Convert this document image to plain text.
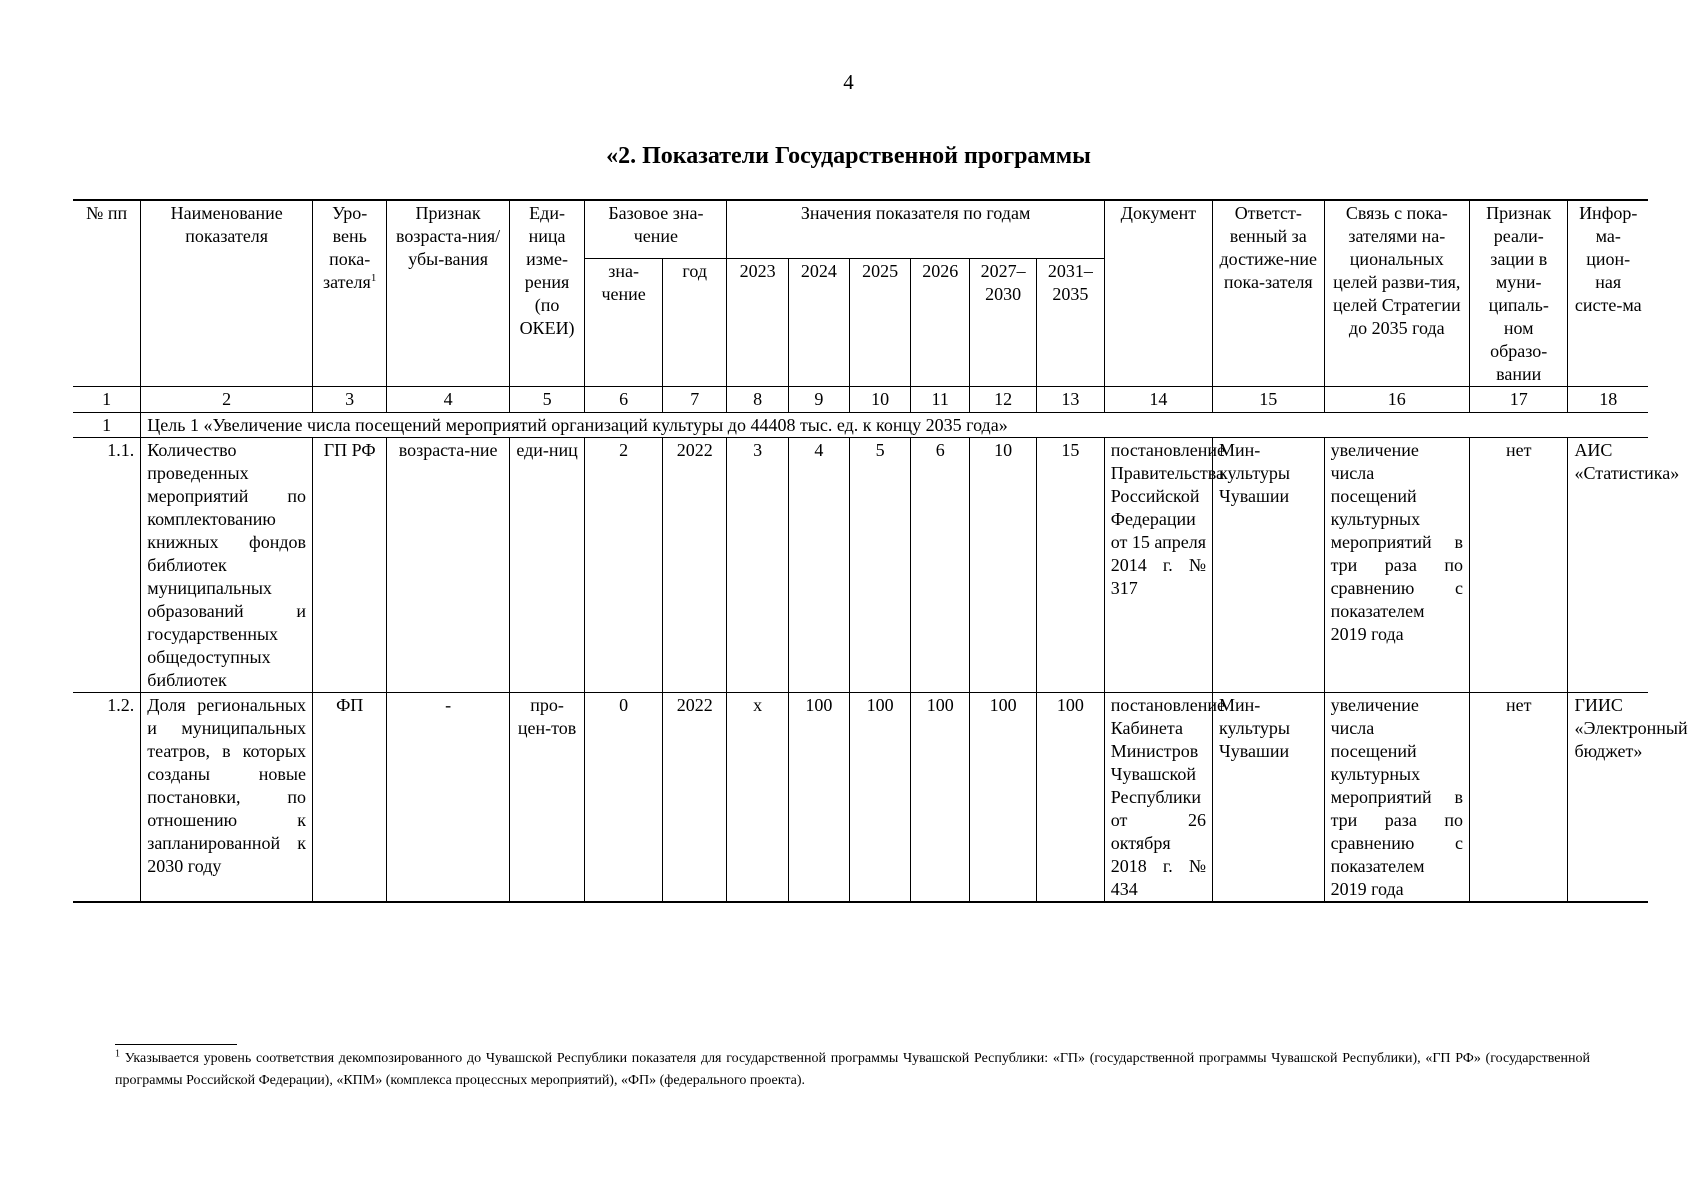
4
«2. Показатели Государственной программы
№ пп	Наименование показателя	Уро-вень пока-зателя$^1$	Признак возраста-ния/убы-вания	Еди-ница изме-рения (по ОКЕИ)	Базовое зна-чение		Значения показателя по годам						Документ	Ответст-венный за достиже-ние пока-зателя	Связь с пока-зателями на-циональных целей разви-тия, целей Стратегии до 2035 года	Признак реали-зации в муни-ципаль-ном образо-вании	Инфор-ма-цион-ная систе-ма
					зна-чение	год	2023	2024	2025	2026	2027–2030	2031–2035					
1	2	3	4	5	6	7	8	9	10	11	12	13	14	15	16	17	18
1	Цель 1 «Увеличение числа посещений мероприятий организаций культуры до 44408 тыс. ед. к концу 2035 года»																
1.1.	Количество проведенных мероприятий по комплектованию книжных фондов библиотек муниципальных образований и государственных общедоступных библиотек	ГП РФ	возраста-ние	еди-ниц	2	2022	3	4	5	6	10	15	постановление Правительства Российской Федерации от 15 апреля 2014 г. № 317	Мин-культуры Чувашии	увеличение числа посещений культурных мероприятий в три раза по сравнению с показателем 2019 года	нет	АИС «Статистика»
1.2.	Доля региональных и муниципальных театров, в которых созданы новые постановки, по отношению к запланированной к 2030 году	ФП	-	про-цен-тов	0	2022	x	100	100	100	100	100	постановление Кабинета Министров Чувашской Республики от 26 октября 2018 г. № 434	Мин-культуры Чувашии	увеличение числа посещений культурных мероприятий в три раза по сравнению с показателем 2019 года	нет	ГИИС «Электронный бюджет»
$^1$ Указывается уровень соответствия декомпозированного до Чувашской Республики показателя для государственной программы Чувашской Республики: «ГП» (государственной программы Чувашской Республики), «ГП РФ» (государственной программы Российской Федерации), «КПМ» (комплекса процессных мероприятий), «ФП» (федерального проекта).
